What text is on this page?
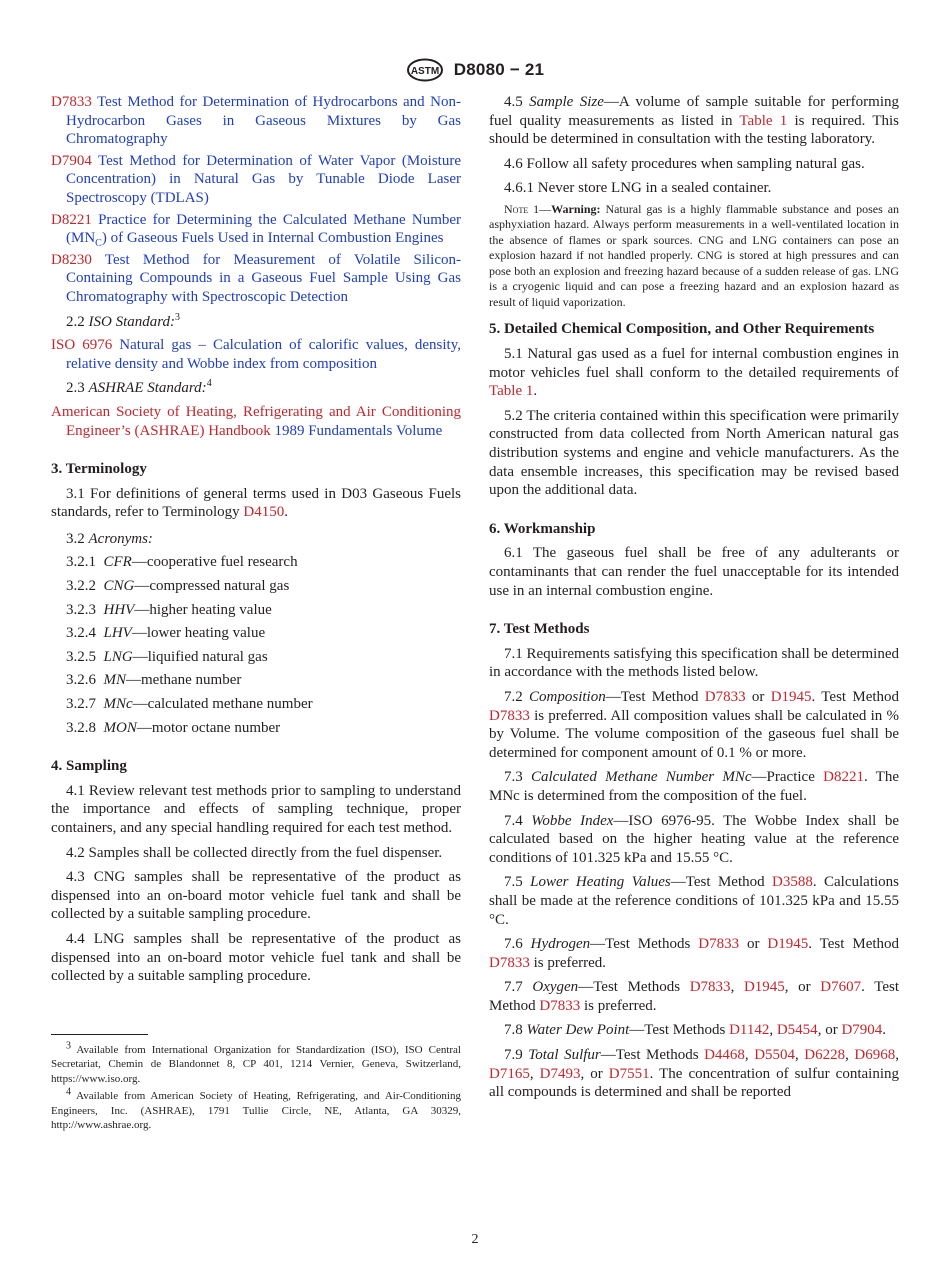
ASTM D8080 − 21
D7833 Test Method for Determination of Hydrocarbons and Non-Hydrocarbon Gases in Gaseous Mixtures by Gas Chromatography
D7904 Test Method for Determination of Water Vapor (Moisture Concentration) in Natural Gas by Tunable Diode Laser Spectroscopy (TDLAS)
D8221 Practice for Determining the Calculated Methane Number $(MN_C)$ of Gaseous Fuels Used in Internal Combustion Engines
D8230 Test Method for Measurement of Volatile Silicon-Containing Compounds in a Gaseous Fuel Sample Using Gas Chromatography with Spectroscopic Detection
2.2 ISO Standard:$^3$
ISO 6976 Natural gas – Calculation of calorific values, density, relative density and Wobbe index from composition
2.3 ASHRAE Standard:$^4$
American Society of Heating, Refrigerating and Air Conditioning Engineer’s (ASHRAE) Handbook 1989 Fundamentals Volume
3. Terminology
3.1 For definitions of general terms used in D03 Gaseous Fuels standards, refer to Terminology D4150.
3.2 Acronyms:
3.2.1 CFR—cooperative fuel research
3.2.2 CNG—compressed natural gas
3.2.3 HHV—higher heating value
3.2.4 LHV—lower heating value
3.2.5 LNG—liquified natural gas
3.2.6 MN—methane number
3.2.7 MNc—calculated methane number
3.2.8 MON—motor octane number
4. Sampling
4.1 Review relevant test methods prior to sampling to understand the importance and effects of sampling technique, proper containers, and any special handling required for each test method.
4.2 Samples shall be collected directly from the fuel dispenser.
4.3 CNG samples shall be representative of the product as dispensed into an on-board motor vehicle fuel tank and shall be collected by a suitable sampling procedure.
4.4 LNG samples shall be representative of the product as dispensed into an on-board motor vehicle fuel tank and shall be collected by a suitable sampling procedure.
$^3$ Available from International Organization for Standardization (ISO), ISO Central Secretariat, Chemin de Blandonnet 8, CP 401, 1214 Vernier, Geneva, Switzerland, https://www.iso.org.
$^4$ Available from American Society of Heating, Refrigerating, and Air-Conditioning Engineers, Inc. (ASHRAE), 1791 Tullie Circle, NE, Atlanta, GA 30329, http://www.ashrae.org.
4.5 Sample Size—A volume of sample suitable for performing fuel quality measurements as listed in Table 1 is required. This should be determined in consultation with the testing laboratory.
4.6 Follow all safety procedures when sampling natural gas.
4.6.1 Never store LNG in a sealed container.
Note 1—Warning: Natural gas is a highly flammable substance and poses an asphyxiation hazard. Always perform measurements in a well-ventilated location in the absence of flames or spark sources. CNG and LNG containers can pose an explosion hazard if not handled properly. CNG is stored at high pressures and can pose both an explosion and freezing hazard because of a sudden release of gas. LNG is a cryogenic liquid and can pose a freezing hazard and an explosion hazard as result of liquid vaporization.
5. Detailed Chemical Composition, and Other Requirements
5.1 Natural gas used as a fuel for internal combustion engines in motor vehicles fuel shall conform to the detailed requirements of Table 1.
5.2 The criteria contained within this specification were primarily constructed from data collected from North American natural gas distribution systems and engine and vehicle manufacturers. As the data ensemble increases, this specification may be revised based upon the additional data.
6. Workmanship
6.1 The gaseous fuel shall be free of any adulterants or contaminants that can render the fuel unacceptable for its intended use in an internal combustion engine.
7. Test Methods
7.1 Requirements satisfying this specification shall be determined in accordance with the methods listed below.
7.2 Composition—Test Method D7833 or D1945. Test Method D7833 is preferred. All composition values shall be calculated in % by Volume. The volume composition of the gaseous fuel shall be determined for component amount of 0.1 % or more.
7.3 Calculated Methane Number MNc—Practice D8221. The MNc is determined from the composition of the fuel.
7.4 Wobbe Index—ISO 6976-95. The Wobbe Index shall be calculated based on the higher heating value at the reference conditions of 101.325 kPa and 15.55 °C.
7.5 Lower Heating Values—Test Method D3588. Calculations shall be made at the reference conditions of 101.325 kPa and 15.55 °C.
7.6 Hydrogen—Test Methods D7833 or D1945. Test Method D7833 is preferred.
7.7 Oxygen—Test Methods D7833, D1945, or D7607. Test Method D7833 is preferred.
7.8 Water Dew Point—Test Methods D1142, D5454, or D7904.
7.9 Total Sulfur—Test Methods D4468, D5504, D6228, D6968, D7165, D7493, or D7551. The concentration of sulfur containing all compounds is determined and shall be reported
2
